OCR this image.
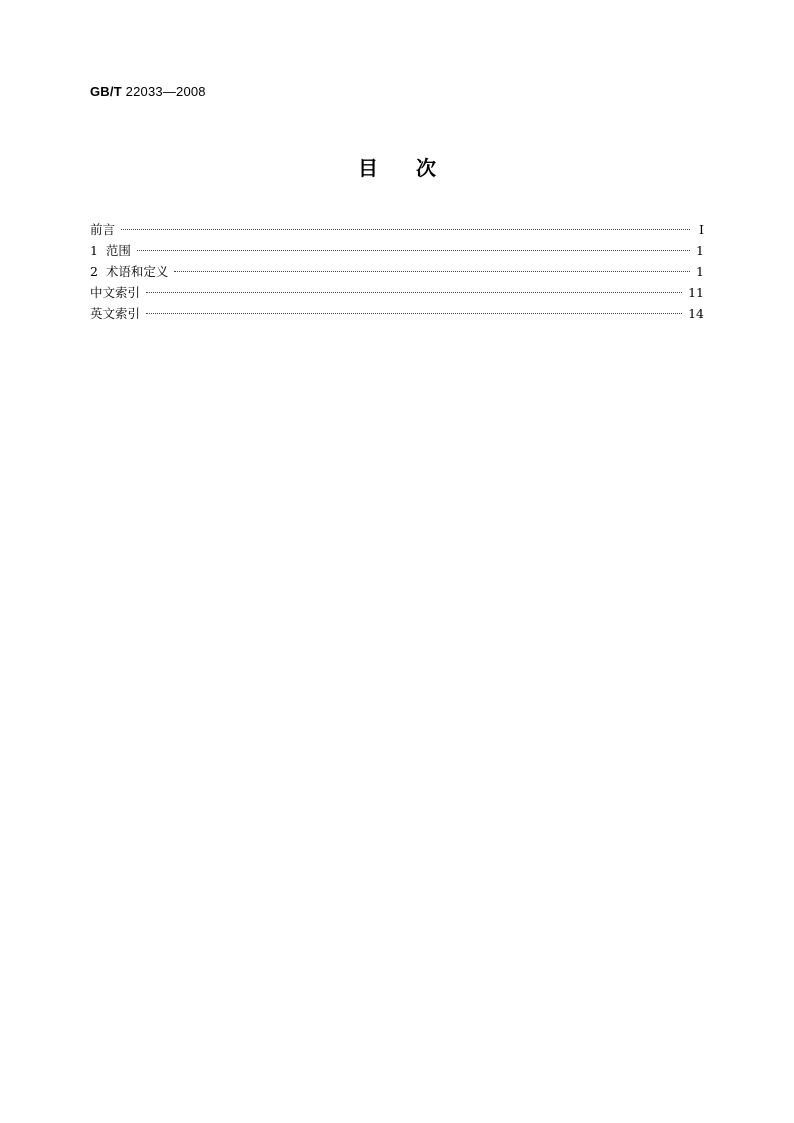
GB/T 22033—2008
目次
前言	I
1  范围	1
2  术语和定义	1
中文索引	11
英文索引	14
